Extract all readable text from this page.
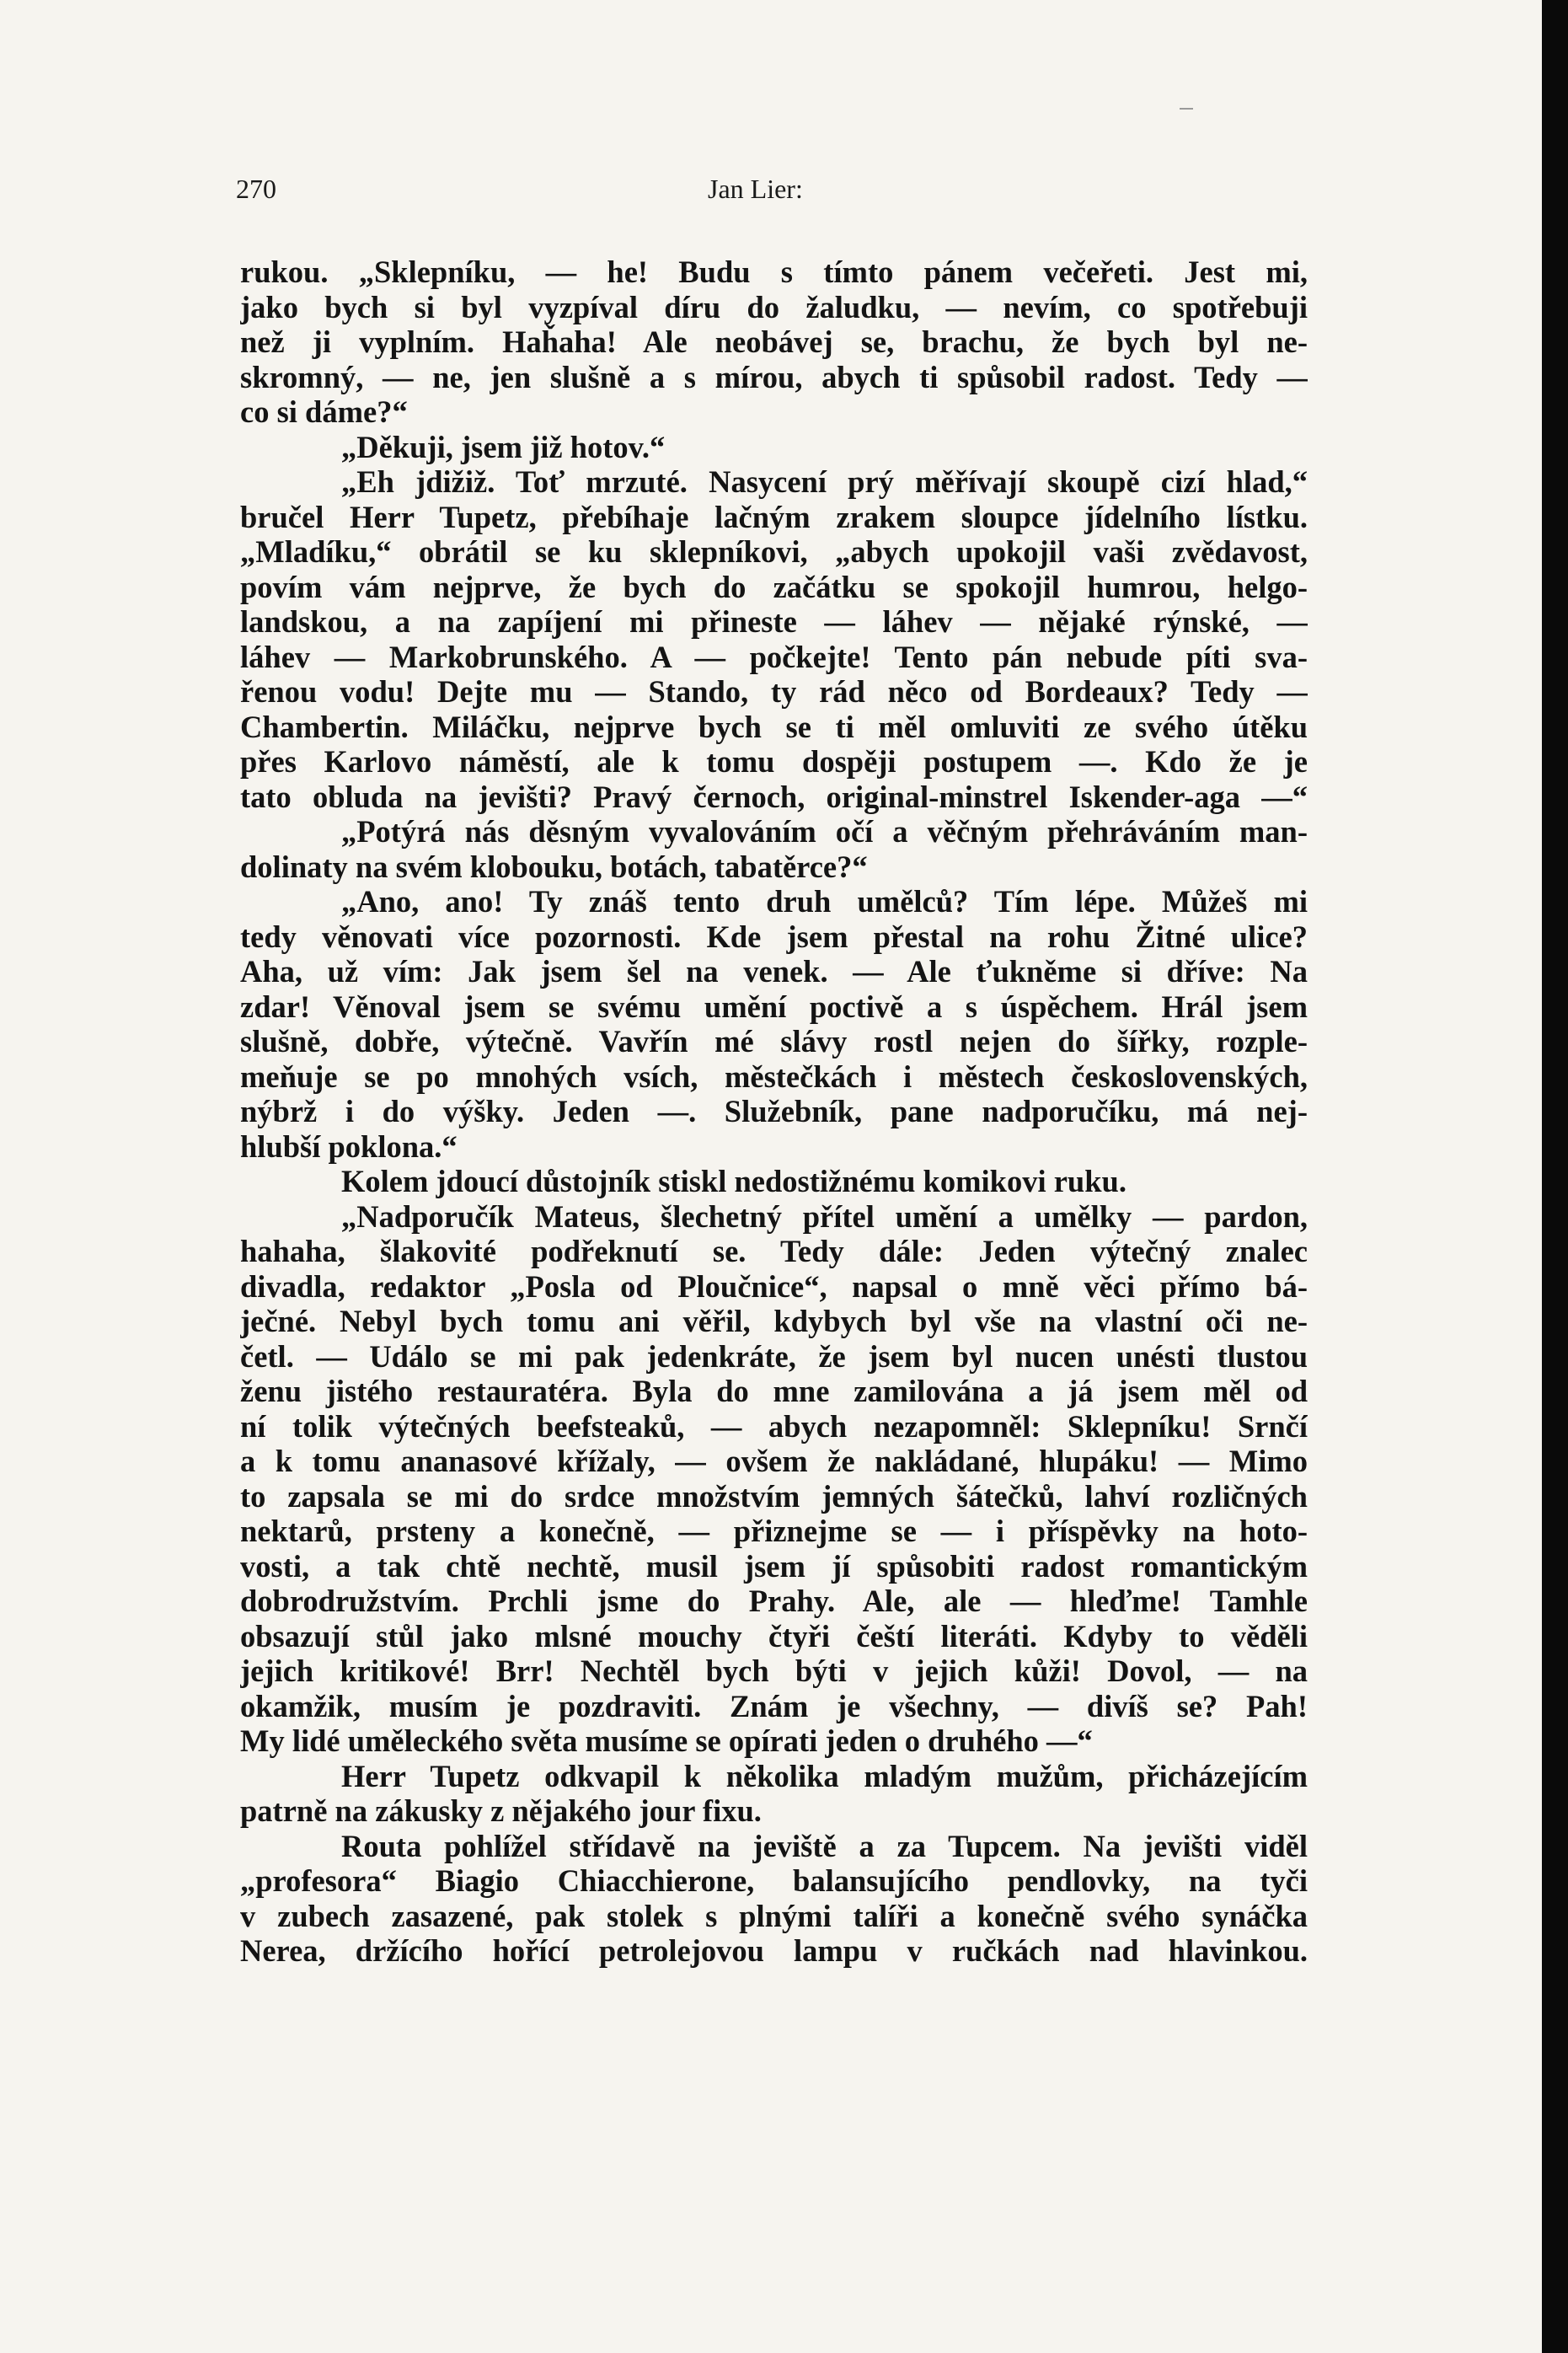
270	Jan Lier:
rukou. „Sklepníku, — he! Budu s tímto pánem večeřeti. Jest mi,
jako bych si byl vyzpíval díru do žaludku, — nevím, co spotřebuji
než ji vyplním. Haȟaha! Ale neobávej se, brachu, že bych byl ne-
skromný, — ne, jen slušně a s mírou, abych ti spůsobil radost. Tedy —
co si dáme?“
„Děkuji, jsem již hotov.“
„Eh jdižiž. Toť mrzuté. Nasycení prý měřívají skoupě cizí hlad,“
bručel Herr Tupetz, přebíhaje lačným zrakem sloupce jídelního lístku.
„Mladíku,“ obrátil se ku sklepníkovi, „abych upokojil vaši zvědavost,
povím vám nejprve, že bych do začátku se spokojil humrou, helgo-
landskou, a na zapíjení mi přineste — láhev — nějaké rýnské, —
láhev — Markobrunského. A — počkejte! Tento pán nebude píti sva-
řenou vodu! Dejte mu — Stando, ty rád něco od Bordeaux? Tedy —
Chambertin. Miláčku, nejprve bych se ti měl omluviti ze svého útěku
přes Karlovo náměstí, ale k tomu dospěji postupem —. Kdo že je
tato obluda na jevišti? Pravý černoch, original-minstrel Iskender-aga —“
„Potýrá nás děsným vyvalováním očí a věčným přehráváním man-
dolinaty na svém klobouku, botách, tabatěrce?“
„Ano, ano! Ty znáš tento druh umělců? Tím lépe. Můžeš mi
tedy věnovati více pozornosti. Kde jsem přestal na rohu Žitné ulice?
Aha, už vím: Jak jsem šel na venek. — Ale ťukněme si dříve: Na
zdar! Věnoval jsem se svému umění poctivě a s úspěchem. Hrál jsem
slušně, dobře, výtečně. Vavřín mé slávy rostl nejen do šířky, rozple-
meňuje se po mnohých vsích, městečkách i městech československých,
nýbrž i do výšky. Jeden —. Služebník, pane nadporučíku, má nej-
hlubší poklona.“
Kolem jdoucí důstojník stiskl nedostižnému komikovi ruku.
„Nadporučík Mateus, šlechetný přítel umění a umělky — pardon,
hahaha, šlakovité podřeknutí se. Tedy dále: Jeden výtečný znalec
divadla, redaktor „Posla od Ploučnice“, napsal o mně věci přímo bá-
ječné. Nebyl bych tomu ani věřil, kdybych byl vše na vlastní oči ne-
četl. — Událo se mi pak jedenkráte, že jsem byl nucen unésti tlustou
ženu jistého restauratéra. Byla do mne zamilována a já jsem měl od
ní tolik výtečných beefsteaků, — abych nezapomněl: Sklepníku! Srnčí
a k tomu ananasové křížaly, — ovšem že nakládané, hlupáku! — Mimo
to zapsala se mi do srdce množstvím jemných šátečků, lahví rozličných
nektarů, prsteny a konečně, — přiznejme se — i příspěvky na hoto-
vosti, a tak chtě nechtě, musil jsem jí spůsobiti radost romantickým
dobrodružstvím. Prchli jsme do Prahy. Ale, ale — hleďme! Tamhle
obsazují stůl jako mlsné mouchy čtyři čeští literáti. Kdyby to věděli
jejich kritikové! Brr! Nechtěl bych býti v jejich kůži! Dovol, — na
okamžik, musím je pozdraviti. Znám je všechny, — divíš se? Pah!
My lidé uměleckého světa musíme se opírati jeden o druhého —“
Herr Tupetz odkvapil k několika mladým mužům, přicházejícím
patrně na zákusky z nějakého jour fixu.
Routa pohlížel střídavě na jeviště a za Tupcem. Na jevišti viděl
„profesora“ Biagio Chiacchierone, balansujícího pendlovky, na tyči
v zubech zasazené, pak stolek s plnými talíři a konečně svého synáčka
Nerea, držícího hořící petrolejovou lampu v ručkách nad hlavinkou.
